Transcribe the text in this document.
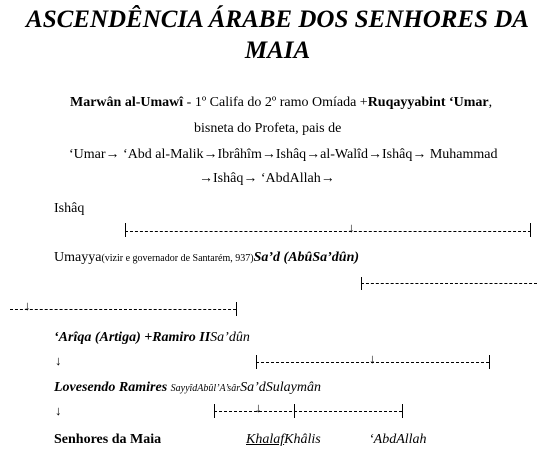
ASCENDÊNCIA ÁRABE DOS SENHORES DA
MAIA
Marwân al-Umawî - 1º Califa do 2º ramo Omíada +Ruqayyabint ‘Umar,
bisneta do Profeta, pais de
‘Umar→ ‘Abd al-Malik→Ibrâhîm→Ishâq→al-Walîd→Ishâq→ Muhammad
→Ishâq→ ‘AbdAllah→
Ishâq
↓
Umayya(vizir e governador de Santarém, 937)Sa’d (AbûSa’dûn)
↓
‘Arîqa (Artiga) +Ramiro IISa’dûn
↓	↓
Lovesendo Ramires SayyîdAbûl’A’sârSa’dSulaymân
↓	↓
Senhores da Maia	KhalafKhâlis	‘AbdAllah
